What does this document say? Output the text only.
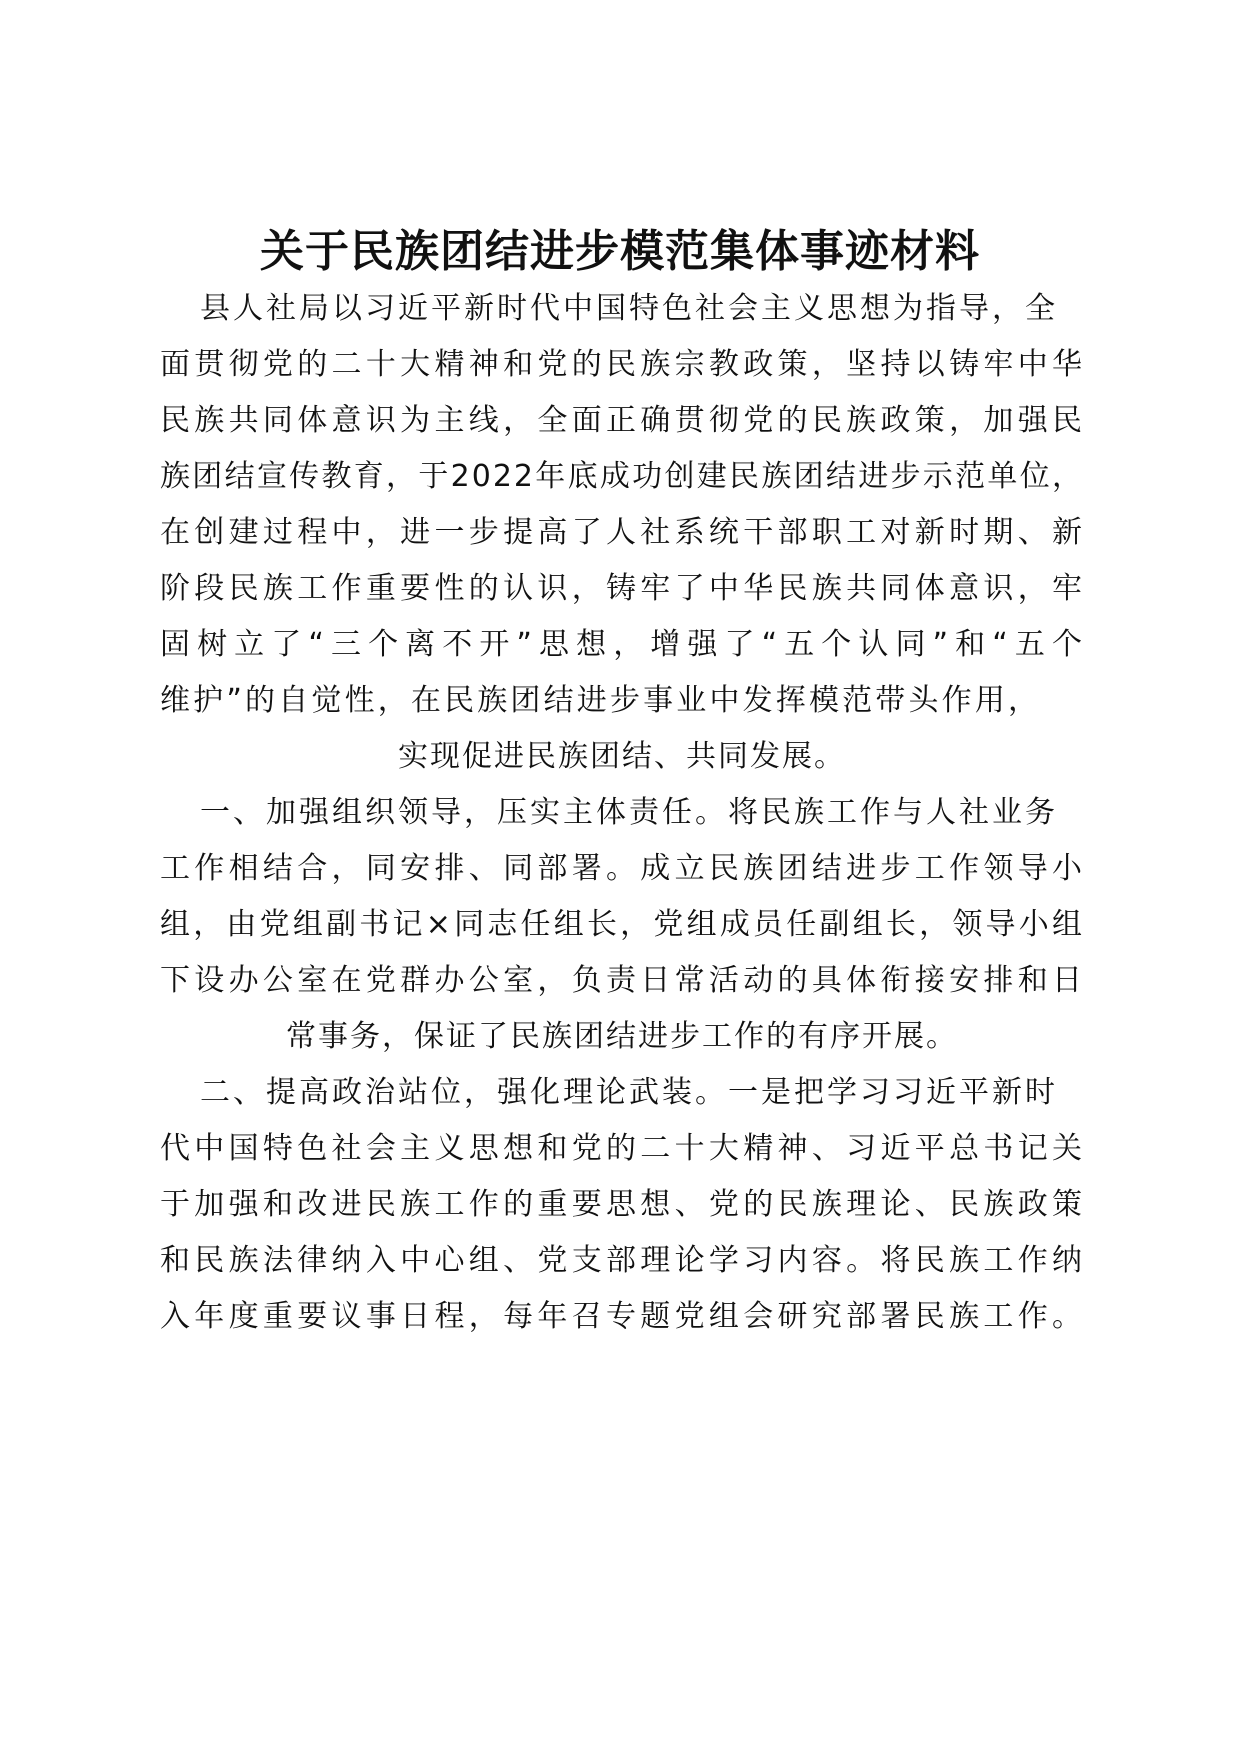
关于民族团结进步模范集体事迹材料
县人社局以习近平新时代中国特色社会主义思想为指导，全
面贯彻党的二十大精神和党的民族宗教政策，坚持以铸牢中华
民族共同体意识为主线，全面正确贯彻党的民族政策，加强民
族团结宣传教育，于2022年底成功创建民族团结进步示范单位，
在创建过程中，进一步提高了人社系统干部职工对新时期、新
阶段民族工作重要性的认识，铸牢了中华民族共同体意识，牢
固树立了“三个离不开”思想，增强了“五个认同”和“五个
维护”的自觉性，在民族团结进步事业中发挥模范带头作用，
实现促进民族团结、共同发展。
一、加强组织领导，压实主体责任。将民族工作与人社业务
工作相结合，同安排、同部署。成立民族团结进步工作领导小
组，由党组副书记×同志任组长，党组成员任副组长，领导小组
下设办公室在党群办公室，负责日常活动的具体衔接安排和日
常事务，保证了民族团结进步工作的有序开展。
二、提高政治站位，强化理论武装。一是把学习习近平新时
代中国特色社会主义思想和党的二十大精神、习近平总书记关
于加强和改进民族工作的重要思想、党的民族理论、民族政策
和民族法律纳入中心组、党支部理论学习内容。将民族工作纳
入年度重要议事日程，每年召专题党组会研究部署民族工作。
